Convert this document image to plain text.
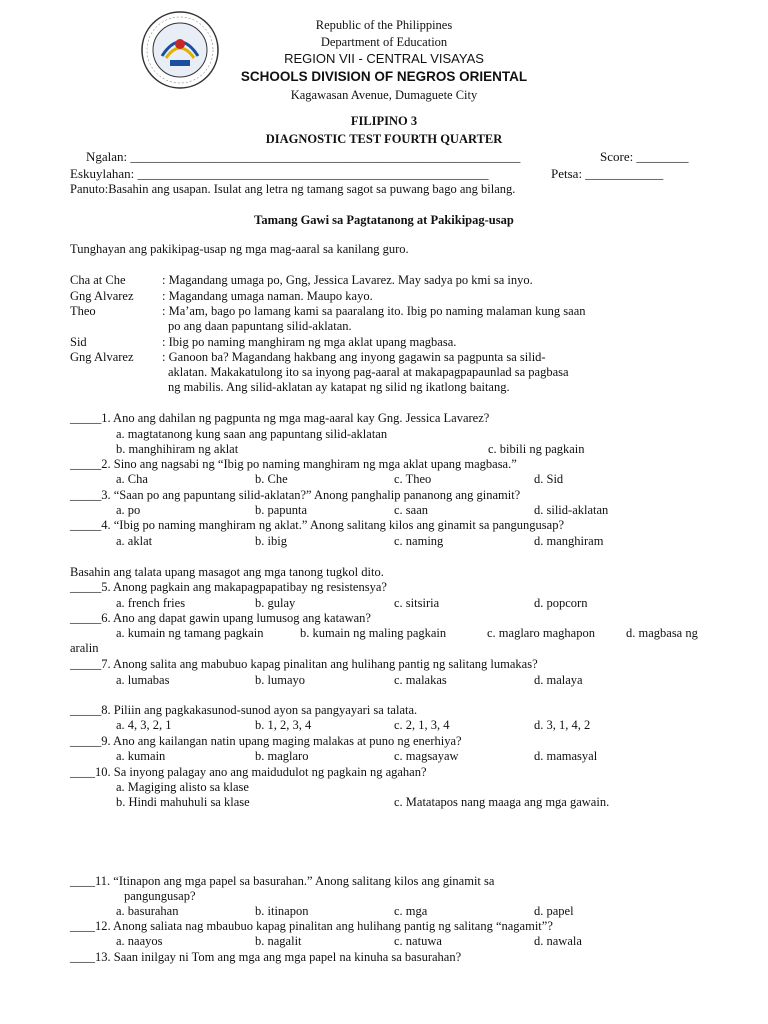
Republic of the Philippines
Department of Education
REGION VII - CENTRAL VISAYAS
SCHOOLS DIVISION OF NEGROS ORIENTAL
Kagawasan Avenue, Dumaguete City
FILIPINO 3
DIAGNOSTIC TEST FOURTH QUARTER
Ngalan: ____________________________________________________________	Score: ________
Eskuylahan: ______________________________________________________	Petsa: ____________
Panuto:Basahin ang usapan. Isulat ang letra ng tamang sagot sa puwang bago ang bilang.
Tamang Gawi sa Pagtatanong at Pakikipag-usap
Tunghayan ang pakikipag-usap ng mga mag-aaral sa kanilang guro.
Cha at Che	: Magandang umaga po, Gng, Jessica Lavarez. May sadya po kmi sa inyo.
Gng Alvarez : Magandang umaga naman. Maupo kayo.
Theo	: Ma’am, bago po lamang kami sa paaralang ito. Ibig po naming malaman kung saan
po ang daan papuntang silid-aklatan.
Sid	: Ibig po naming manghiram ng mga aklat upang magbasa.
Gng Alvarez : Ganoon ba? Magandang hakbang ang inyong gagawin sa pagpunta sa silid-
aklatan. Makakatulong ito sa inyong pag-aaral at makapagpapaunlad sa pagbasa
ng mabilis. Ang silid-aklatan ay katapat ng silid ng ikatlong baitang.
_____1. Ano ang dahilan ng pagpunta ng mga mag-aaral kay Gng. Jessica Lavarez?
a. magtatanong kung saan ang papuntang silid-aklatan
b. manghihiram ng aklat	c. bibili ng pagkain
_____2. Sino ang nagsabi ng “Ibig po naming manghiram ng mga aklat upang magbasa.”
a. Cha	b. Che	c. Theo	d. Sid
_____3. “Saan po ang papuntang silid-aklatan?” Anong panghalip pananong ang ginamit?
a. po	b. papunta	c. saan	d. silid-aklatan
_____4. “Ibig po naming manghiram ng aklat.” Anong salitang kilos ang ginamit sa pangungusap?
a. aklat	b. ibig	c. naming	d. manghiram
Basahin ang talata upang masagot ang mga tanong tugkol dito.
_____5. Anong pagkain ang makapagpapatibay ng resistensya?
a. french fries	b. gulay	c. sitsiria	d. popcorn
_____6. Ano ang dapat gawin upang lumusog ang katawan?
a. kumain ng tamang pagkain	b. kumain ng maling pagkain	c. maglaro maghapon d. magbasa ng
aralin
_____7. Anong salita ang mabubuo kapag pinalitan ang hulihang pantig ng salitang lumakas?
a. lumabas	b. lumayo	c. malakas	d. malaya
_____8. Piliin ang pagkakasunod-sunod ayon sa pangyayari sa talata.
a. 4, 3, 2, 1	b. 1, 2, 3, 4	c. 2, 1, 3, 4	d. 3, 1, 4, 2
_____9. Ano ang kailangan natin upang maging malakas at puno ng enerhiya?
a. kumain	b. maglaro	c. magsayaw	d. mamasyal
____10. Sa inyong palagay ano ang maidudulot ng pagkain ng agahan?
a. Magiging alisto sa klase
b. Hindi mahuhuli sa klase	c. Matatapos nang maaga ang mga gawain.
____11. “Itinapon ang mga papel sa basurahan.” Anong salitang kilos ang ginamit sa
pangungusap?
a. basurahan	b. itinapon	c. mga	d. papel
____12. Anong saliata nag mbaubuo kapag pinalitan ang hulihang pantig ng salitang “nagamit”?
a. naayos	b. nagalit	c. natuwa	d. nawala
____13. Saan inilgay ni Tom ang mga ang mga papel na kinuha sa basurahan?
